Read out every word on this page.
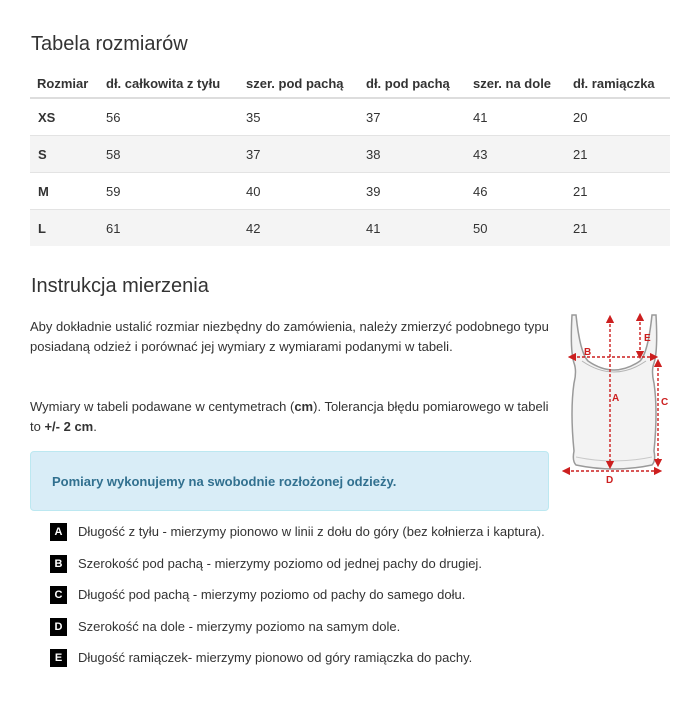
Tabela rozmiarów
Rozmiar	dł. całkowita z tyłu	szer. pod pachą	dł. pod pachą	szer. na dole	dł. ramiączka
XS	56	35	37	41	20
S	58	37	38	43	21
M	59	40	39	46	21
L	61	42	41	50	21
Instrukcja mierzenia

Aby dokładnie ustalić rozmiar niezbędny do zamówienia, należy zmierzyć podobnego typu posiadaną odzież i porównać jej wymiary z wymiarami podanymi w tabeli.

Wymiary w tabeli podawane w centymetrach (cm). Tolerancja błędu pomiarowego w tabeli to +/- 2 cm.

Pomiary wykonujemy na swobodnie rozłożonej odzieży.
A	Długość z tyłu - mierzymy pionowo w linii z dołu do góry (bez kołnierza i kaptura).
B	Szerokość pod pachą - mierzymy poziomo od jednej pachy do drugiej.
C	Długość pod pachą - mierzymy poziomo od pachy do samego dołu.
D	Szerokość na dole - mierzymy poziomo na samym dole.
E	Długość ramiączek- mierzymy pionowo od góry ramiączka do pachy.
A
B
C
D
E
